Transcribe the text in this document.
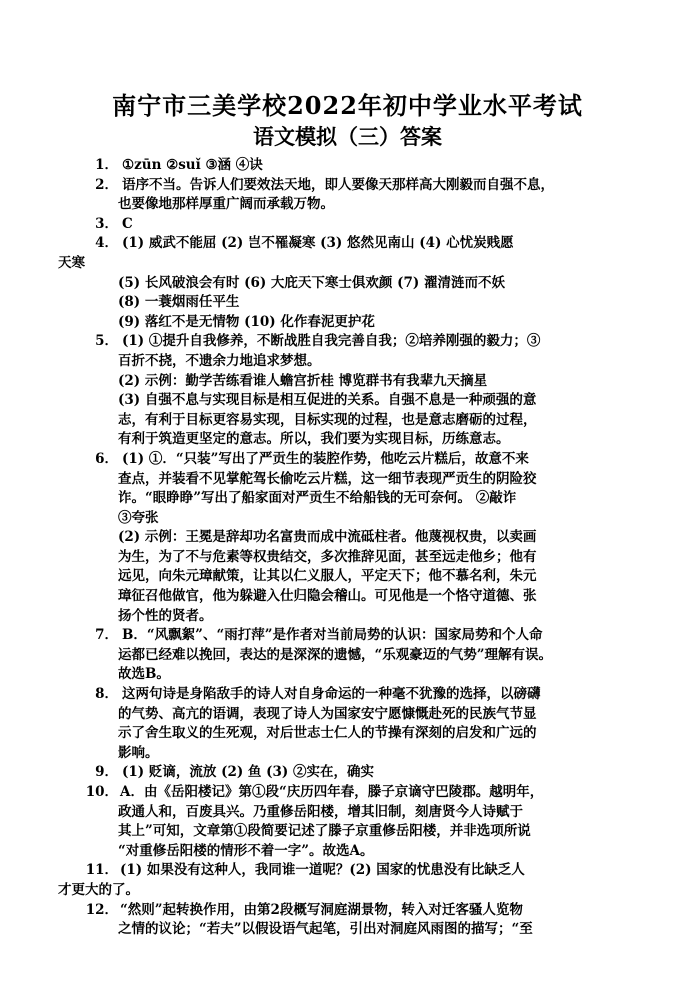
南宁市三美学校2022年初中学业水平考试
语文模拟（三）答案
1． ①zūn ②suǐ ③涵 ④诀
2． 语序不当。告诉人们要效法天地，即人要像天那样高大刚毅而自强不息，
也要像地那样厚重广阔而承载万物。
3． C
4． (1) 威武不能屈 (2) 岂不罹凝寒 (3) 悠然见南山 (4) 心忧炭贱愿
天寒
(5) 长风破浪会有时 (6) 大庇天下寒士俱欢颜 (7) 濯清涟而不妖
(8) 一蓑烟雨任平生
(9) 落红不是无情物 (10) 化作春泥更护花
5． (1) ①提升自我修养，不断战胜自我完善自我；②培养刚强的毅力；③
百折不挠，不遗余力地追求梦想。
(2) 示例：勤学苦练看谁人蟾宫折桂 博览群书有我辈九天摘星
(3) 自强不息与实现目标是相互促进的关系。自强不息是一种顽强的意
志，有利于目标更容易实现，目标实现的过程，也是意志磨砺的过程，
有利于筑造更坚定的意志。所以，我们要为实现目标，历练意志。
6． (1) ①．“只装”写出了严贡生的装腔作势，他吃云片糕后，故意不来
查点，并装看不见掌舵驾长偷吃云片糕，这一细节表现严贡生的阴险狡
诈。“眼睁睁”写出了船家面对严贡生不给船钱的无可奈何。 ②敲诈
③夸张
(2) 示例：王冕是辞却功名富贵而成中流砥柱者。他蔑视权贵，以卖画
为生，为了不与危素等权贵结交，多次推辞见面，甚至远走他乡；他有
远见，向朱元璋献策，让其以仁义服人，平定天下；他不慕名利，朱元
璋征召他做官，他为躲避入仕归隐会稽山。可见他是一个恪守道德、张
扬个性的贤者。
7． B．“风飘絮”、“雨打萍”是作者对当前局势的认识：国家局势和个人命
运都已经难以挽回，表达的是深深的遗憾，“乐观豪迈的气势”理解有误。
故选B。
8． 这两句诗是身陷敌手的诗人对自身命运的一种毫不犹豫的选择，以磅礴
的气势、高亢的语调，表现了诗人为国家安宁愿慷慨赴死的民族气节显
示了舍生取义的生死观，对后世志士仁人的节操有深刻的启发和广远的
影响。
9． (1) 贬谪，流放 (2) 鱼 (3) ②实在，确实
10． A．由《岳阳楼记》第①段“庆历四年春，滕子京谪守巴陵郡。越明年，
政通人和，百废具兴。乃重修岳阳楼，增其旧制，刻唐贤今人诗赋于
其上”可知，文章第①段简要记述了滕子京重修岳阳楼，并非选项所说
“对重修岳阳楼的情形不着一字”。故选A。
11． (1) 如果没有这种人，我同谁一道呢？(2) 国家的忧患没有比缺乏人
才更大的了。
12． “然则”起转换作用，由第2段概写洞庭湖景物，转入对迁客骚人览物
之情的议论；“若夫”以假设语气起笔，引出对洞庭风雨图的描写；“至
